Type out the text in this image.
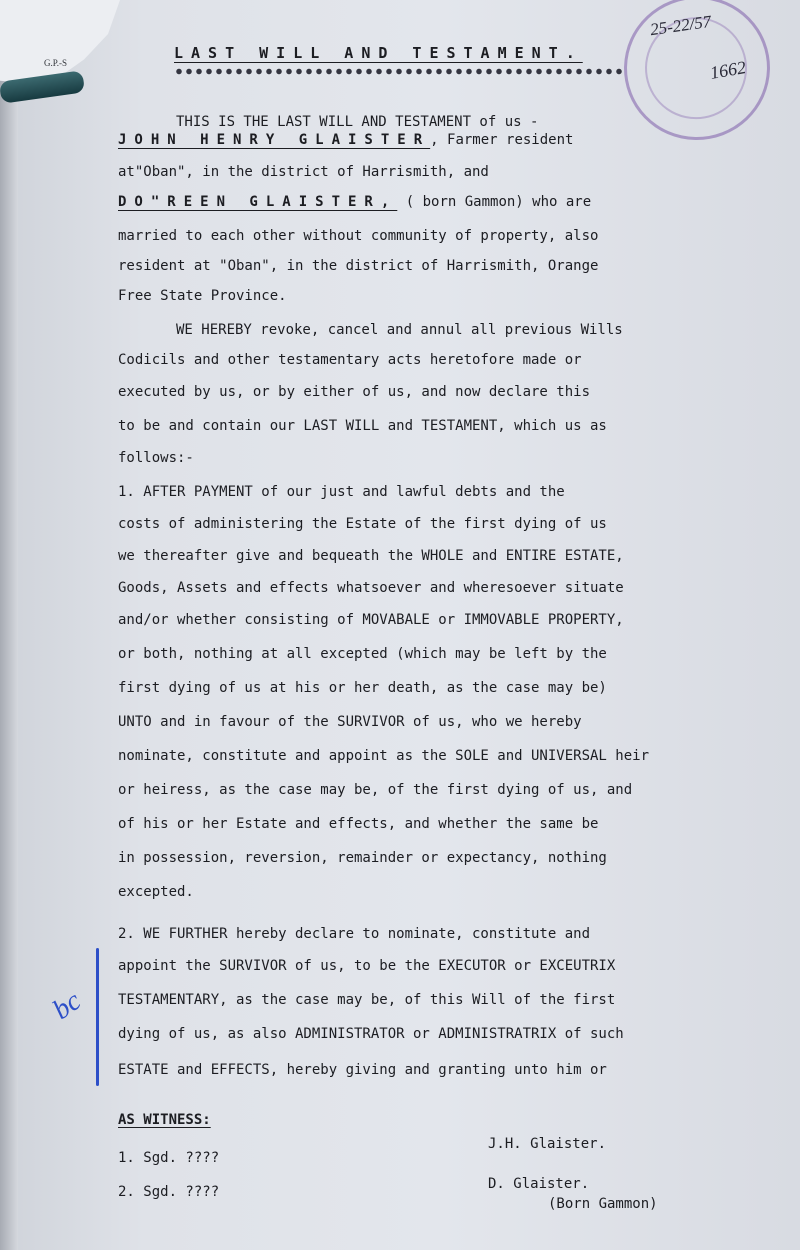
G.P.-S
25-22/57
1662
LAST WILL AND TESTAMENT.
THIS IS THE LAST WILL AND TESTAMENT of us -
JOHN HENRY GLAISTER, Farmer resident
at"Oban", in the district of Harrismith, and
DO"REEN GLAISTER, ( born Gammon) who are
married to each other without community of property, also
resident at "Oban", in the district of Harrismith, Orange
Free State Province.
WE HEREBY revoke, cancel and annul all previous Wills
Codicils and other testamentary acts heretofore made or
executed by us, or by either of us, and now declare this
to be and contain our LAST WILL and TESTAMENT, which us as
follows:-
1. AFTER PAYMENT of our just and lawful debts and the
costs of administering the Estate of the first dying of us
we thereafter give and bequeath the WHOLE and ENTIRE ESTATE,
Goods, Assets and effects whatsoever and wheresoever situate
and/or whether consisting of MOVABALE or IMMOVABLE PROPERTY,
or both, nothing at all excepted (which may be left by the
first dying of us at his or her death, as the case may be)
UNTO and in favour of the SURVIVOR of us, who we hereby
nominate, constitute and appoint as the SOLE and UNIVERSAL heir
or heiress, as the case may be, of the first dying of us, and
of his or her Estate and effects, and whether the same be
in possession, reversion, remainder or expectancy, nothing
excepted.
bc
2. WE FURTHER hereby declare to nominate, constitute and
appoint the SURVIVOR of us, to be the EXECUTOR or EXCEUTRIX
TESTAMENTARY, as the case may be, of this Will of the first
dying of us, as also ADMINISTRATOR or ADMINISTRATRIX of such
ESTATE and EFFECTS, hereby giving and granting unto him or
AS WITNESS:
1. Sgd. ????
2. Sgd. ????
J.H. Glaister.
D. Glaister.
(Born Gammon)
